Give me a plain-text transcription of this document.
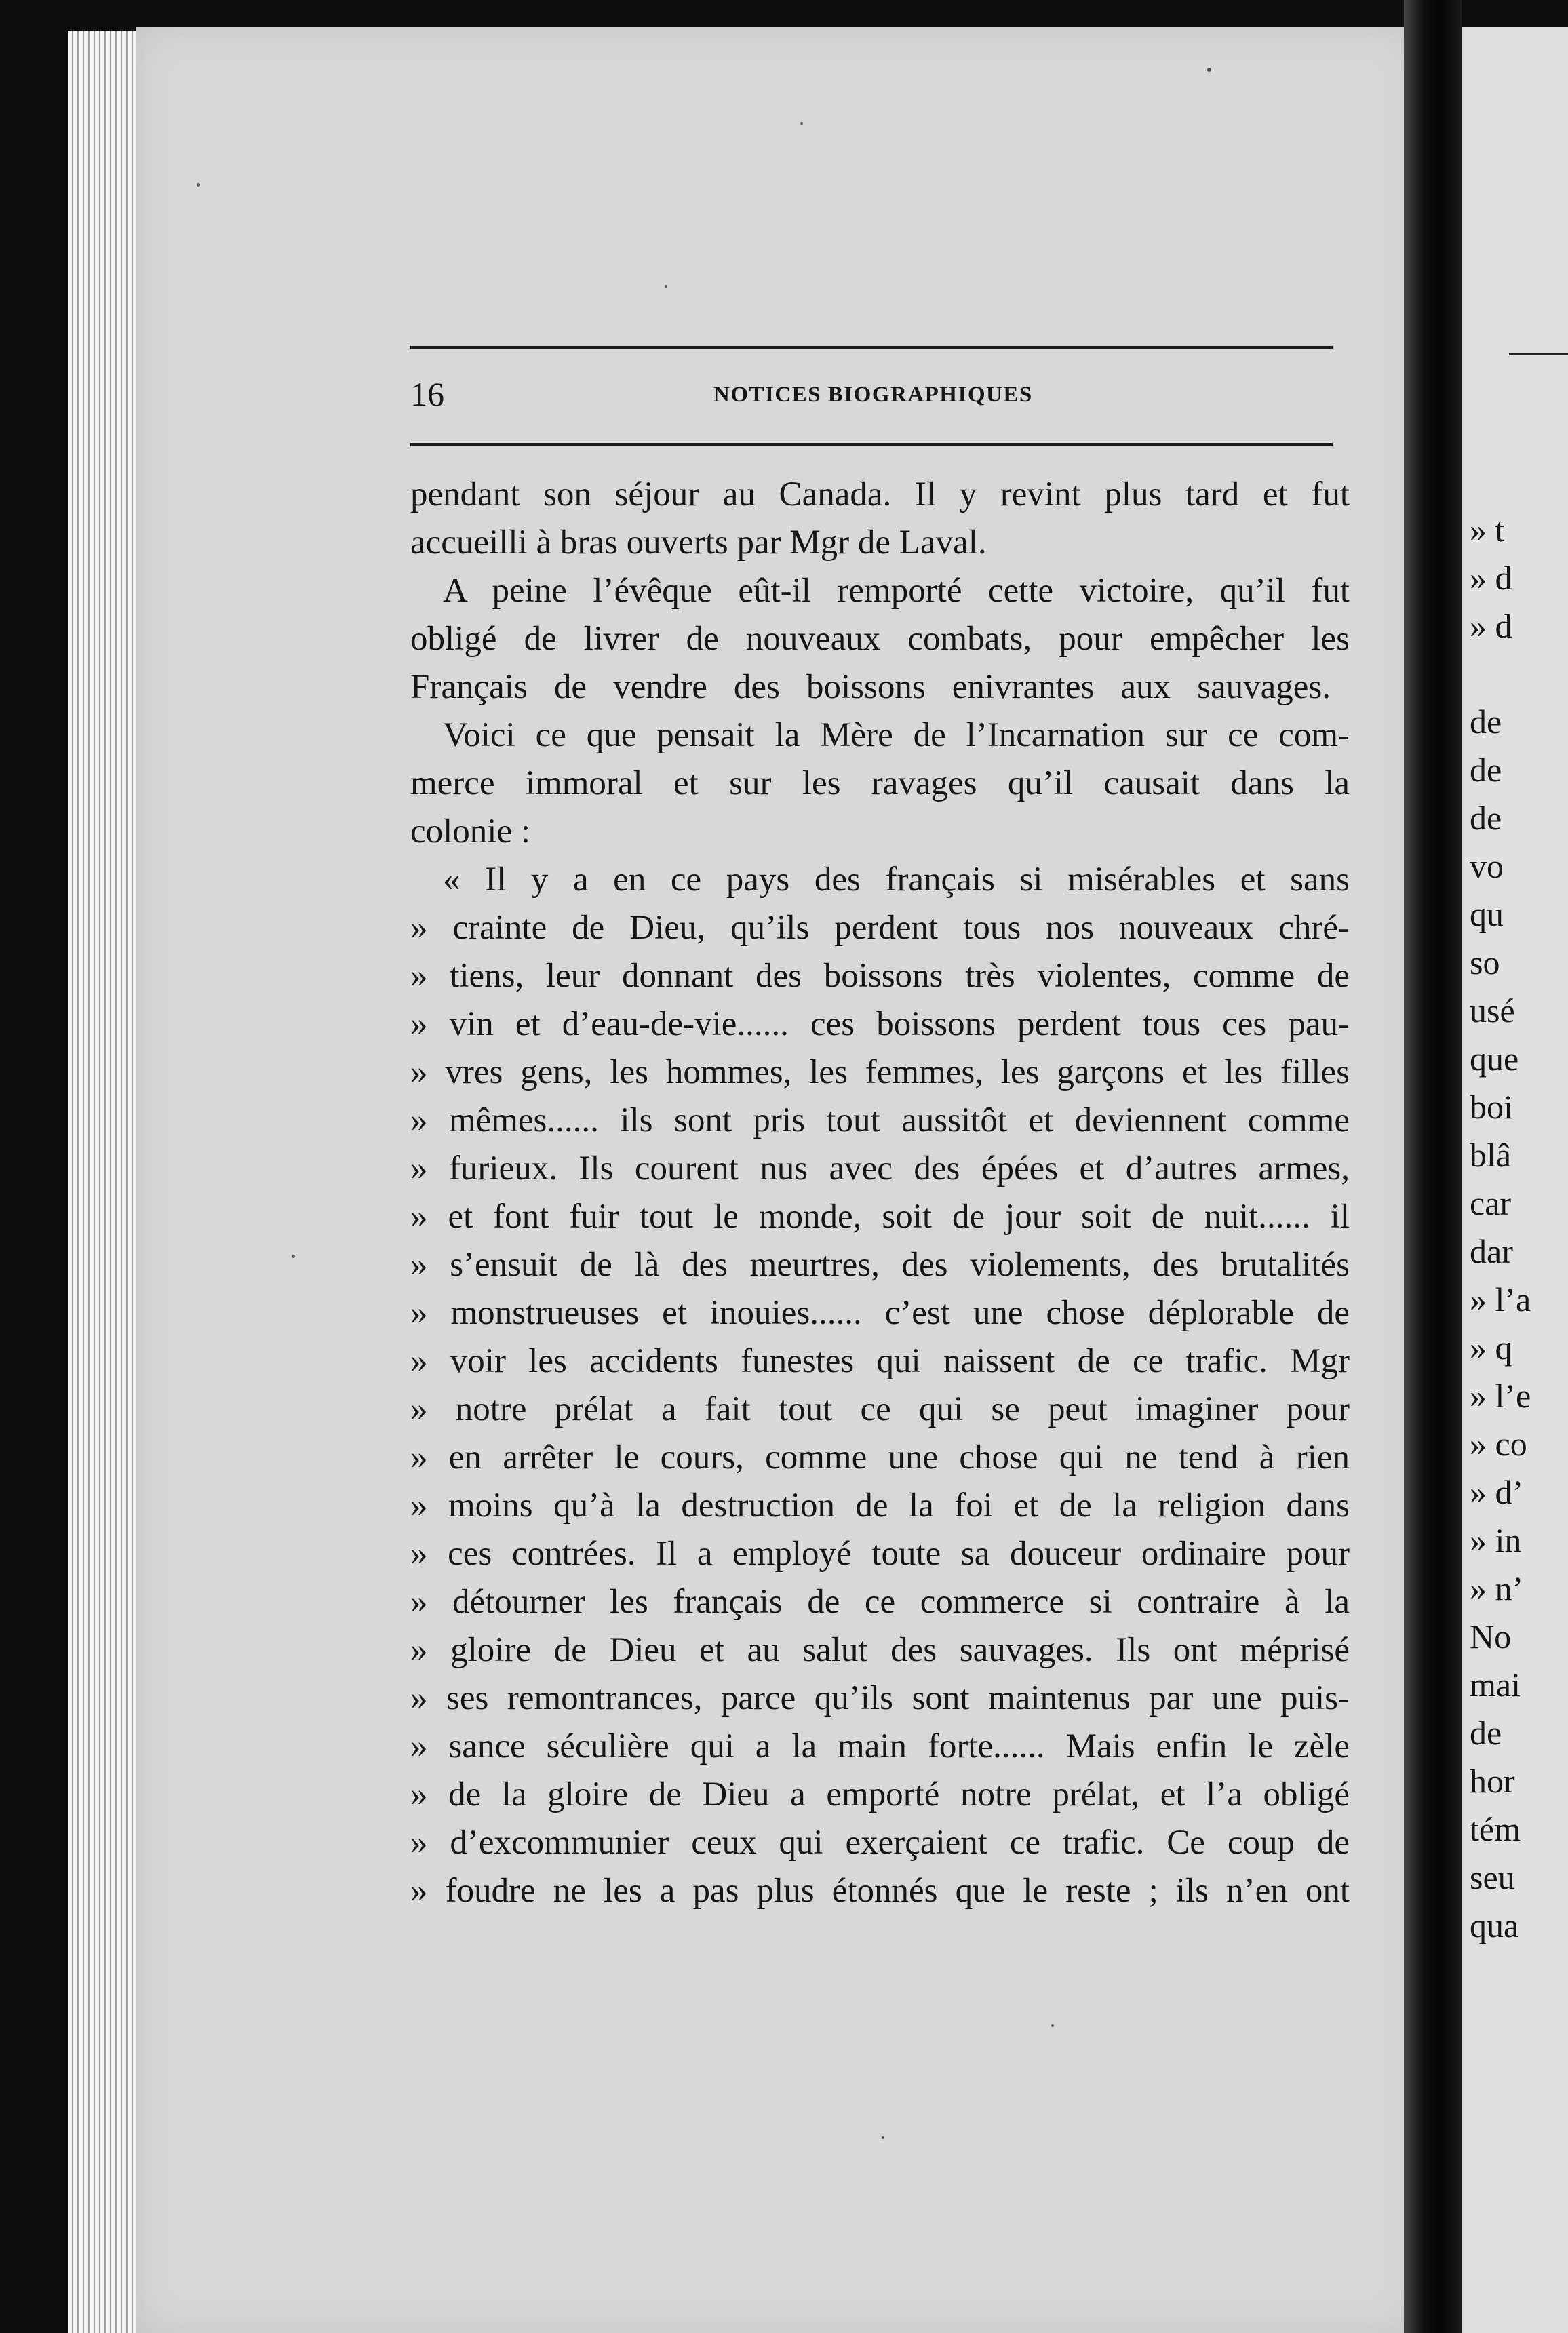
16	NOTICES BIOGRAPHIQUES
pendant son séjour au Canada. Il y revint plus tard et fut
accueilli à bras ouverts par Mgr de Laval.
A peine l’évêque eût-il remporté cette victoire, qu’il fut
obligé de livrer de nouveaux combats, pour empêcher les
Français de vendre des boissons enivrantes aux sauvages.
Voici ce que pensait la Mère de l’Incarnation sur ce com-
merce immoral et sur les ravages qu’il causait dans la
colonie :
« Il y a en ce pays des français si misérables et sans
» crainte de Dieu, qu’ils perdent tous nos nouveaux chré-
» tiens, leur donnant des boissons très violentes, comme de
» vin et d’eau-de-vie...... ces boissons perdent tous ces pau-
» vres gens, les hommes, les femmes, les garçons et les filles
» mêmes...... ils sont pris tout aussitôt et deviennent comme
» furieux. Ils courent nus avec des épées et d’autres armes,
» et font fuir tout le monde, soit de jour soit de nuit...... il
» s’ensuit de là des meurtres, des violements, des brutalités
» monstrueuses et inouies...... c’est une chose déplorable de
» voir les accidents funestes qui naissent de ce trafic. Mgr
» notre prélat a fait tout ce qui se peut imaginer pour
» en arrêter le cours, comme une chose qui ne tend à rien
» moins qu’à la destruction de la foi et de la religion dans
» ces contrées. Il a employé toute sa douceur ordinaire pour
» détourner les français de ce commerce si contraire à la
» gloire de Dieu et au salut des sauvages. Ils ont méprisé
» ses remontrances, parce qu’ils sont maintenus par une puis-
» sance séculière qui a la main forte...... Mais enfin le zèle
» de la gloire de Dieu a emporté notre prélat, et l’a obligé
» d’excommunier ceux qui exerçaient ce trafic. Ce coup de
» foudre ne les a pas plus étonnés que le reste ; ils n’en ont
» t
» d
» d
de
de
de
vo
qu
so
usé
que
boi
blâ
car
dar
» l’a
» q
» l’e
» co
» d’
» in
» n’
No
mai
de
hor
tém
seu
qua
